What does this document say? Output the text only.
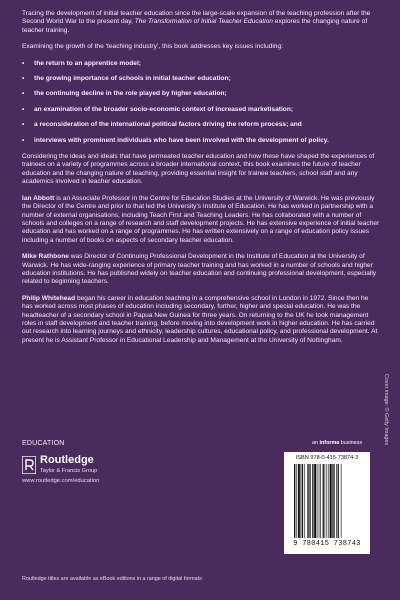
Tracing the development of initial teacher education since the large-scale expansion of the teaching profession after the Second World War to the present day, The Transformation of Initial Teacher Education explores the changing nature of teacher training.

Examining the growth of the ‘teaching industry’, this book addresses key issues including:

• the return to an apprentice model;
• the growing importance of schools in initial teacher education;
• the continuing decline in the role played by higher education;
• an examination of the broader socio-economic context of increased marketisation;
• a reconsideration of the international political factors driving the reform process; and
• interviews with prominent individuals who have been involved with the development of policy.

Considering the ideas and ideals that have permeated teacher education and how these have shaped the experiences of trainees on a variety of programmes across a broader international context, this book examines the future of teacher education and the changing nature of teaching, providing essential insight for trainee teachers, school staff and any academics involved in teacher education.

Ian Abbott is an Associate Professor in the Centre for Education Studies at the University of Warwick. He was previously the Director of the Centre and prior to that led the University’s Institute of Education. He has worked in partnership with a number of external organisations, including Teach First and Teaching Leaders. He has collaborated with a number of schools and colleges on a range of research and staff development projects. He has extensive experience of initial teacher education and has worked on a range of programmes. He has written extensively on a range of education policy issues including a number of books on aspects of secondary teacher education.

Mike Rathbone was Director of Continuing Professional Development in the Institute of Education at the University of Warwick. He has wide-ranging experience of primary teacher training and has worked in a number of schools and higher education institutions. He has published widely on teacher education and continuing professional development, especially related to beginning teachers.

Philip Whitehead began his career in education teaching in a comprehensive school in London in 1972. Since then he has worked across most phases of education including secondary, further, higher and special education. He was the headteacher of a secondary school in Papua New Guinea for three years. On returning to the UK he took management roles in staff development and teacher training, before moving into development work in higher education. He has carried out research into learning journeys and ethnicity, leadership cultures, educational policy, and professional development. At present he is Assistant Professor in Educational Leadership and Management at the University of Nottingham.

EDUCATION
Routledge
Taylor & Francis Group
www.routledge.com/education
an informa business
ISBN 978-0-415-73874-3
9 780415 738743
Routledge titles are available as eBook editions in a range of digital formats
Cover image: © Getty Images
